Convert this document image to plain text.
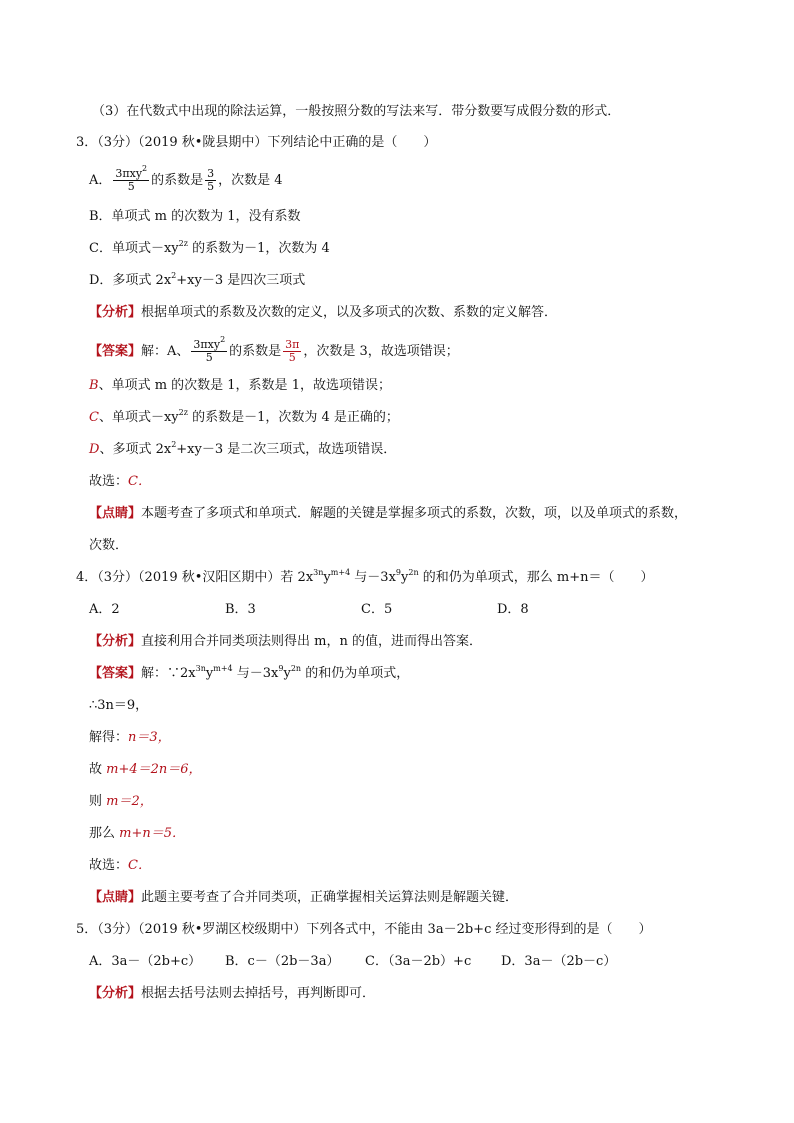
（3）在代数式中出现的除法运算，一般按照分数的写法来写．带分数要写成假分数的形式．
3．（3分）（2019 秋•陇县期中）下列结论中正确的是（　　）
A． $\frac{3\pi xy^2}{5}$ 的系数是 $\frac{3}{5}$ ，次数是 4
B．单项式 m 的次数为 1，没有系数
C．单项式$-xy^{2z}$ 的系数为－1，次数为 4
D．多项式 $2x^2+xy-3$ 是四次三项式
【分析】根据单项式的系数及次数的定义，以及多项式的次数、系数的定义解答．
【答案】解：A、 $\frac{3\pi xy^2}{5}$ 的系数是 $\frac{3\pi}{5}$ ，次数是 3，故选项错误；
B、单项式 m 的次数是 1，系数是 1，故选项错误；
C、单项式$-xy^{2z}$ 的系数是－1，次数为 4 是正确的；
D、多项式 $2x^2+xy-3$ 是二次三项式，故选项错误．
故选：C．
【点睛】本题考查了多项式和单项式．解题的关键是掌握多项式的系数，次数，项，以及单项式的系数，
次数．
4．（3分）（2019 秋•汉阳区期中）若 $2x^{3n}y^{m+4}$ 与$-3x^9y^{2n}$ 的和仍为单项式，那么 m+n＝（　　）
A．2	B．3	C．5	D．8
【分析】直接利用合并同类项法则得出 m，n 的值，进而得出答案．
【答案】解：$\because 2x^{3n}y^{m+4}$ 与$-3x^9y^{2n}$ 的和仍为单项式，
∴3n＝9，
解得：n＝3，
故 m+4＝2n＝6，
则 m＝2，
那么 m+n＝5．
故选：C．
【点睛】此题主要考查了合并同类项，正确掌握相关运算法则是解题关键．
5．（3分）（2019 秋•罗湖区校级期中）下列各式中，不能由 3a－2b+c 经过变形得到的是（　　）
A．3a－（2b+c） B．c－（2b－3a） C．（3a－2b）+c D．3a－（2b－c）
【分析】根据去括号法则去掉括号，再判断即可．
